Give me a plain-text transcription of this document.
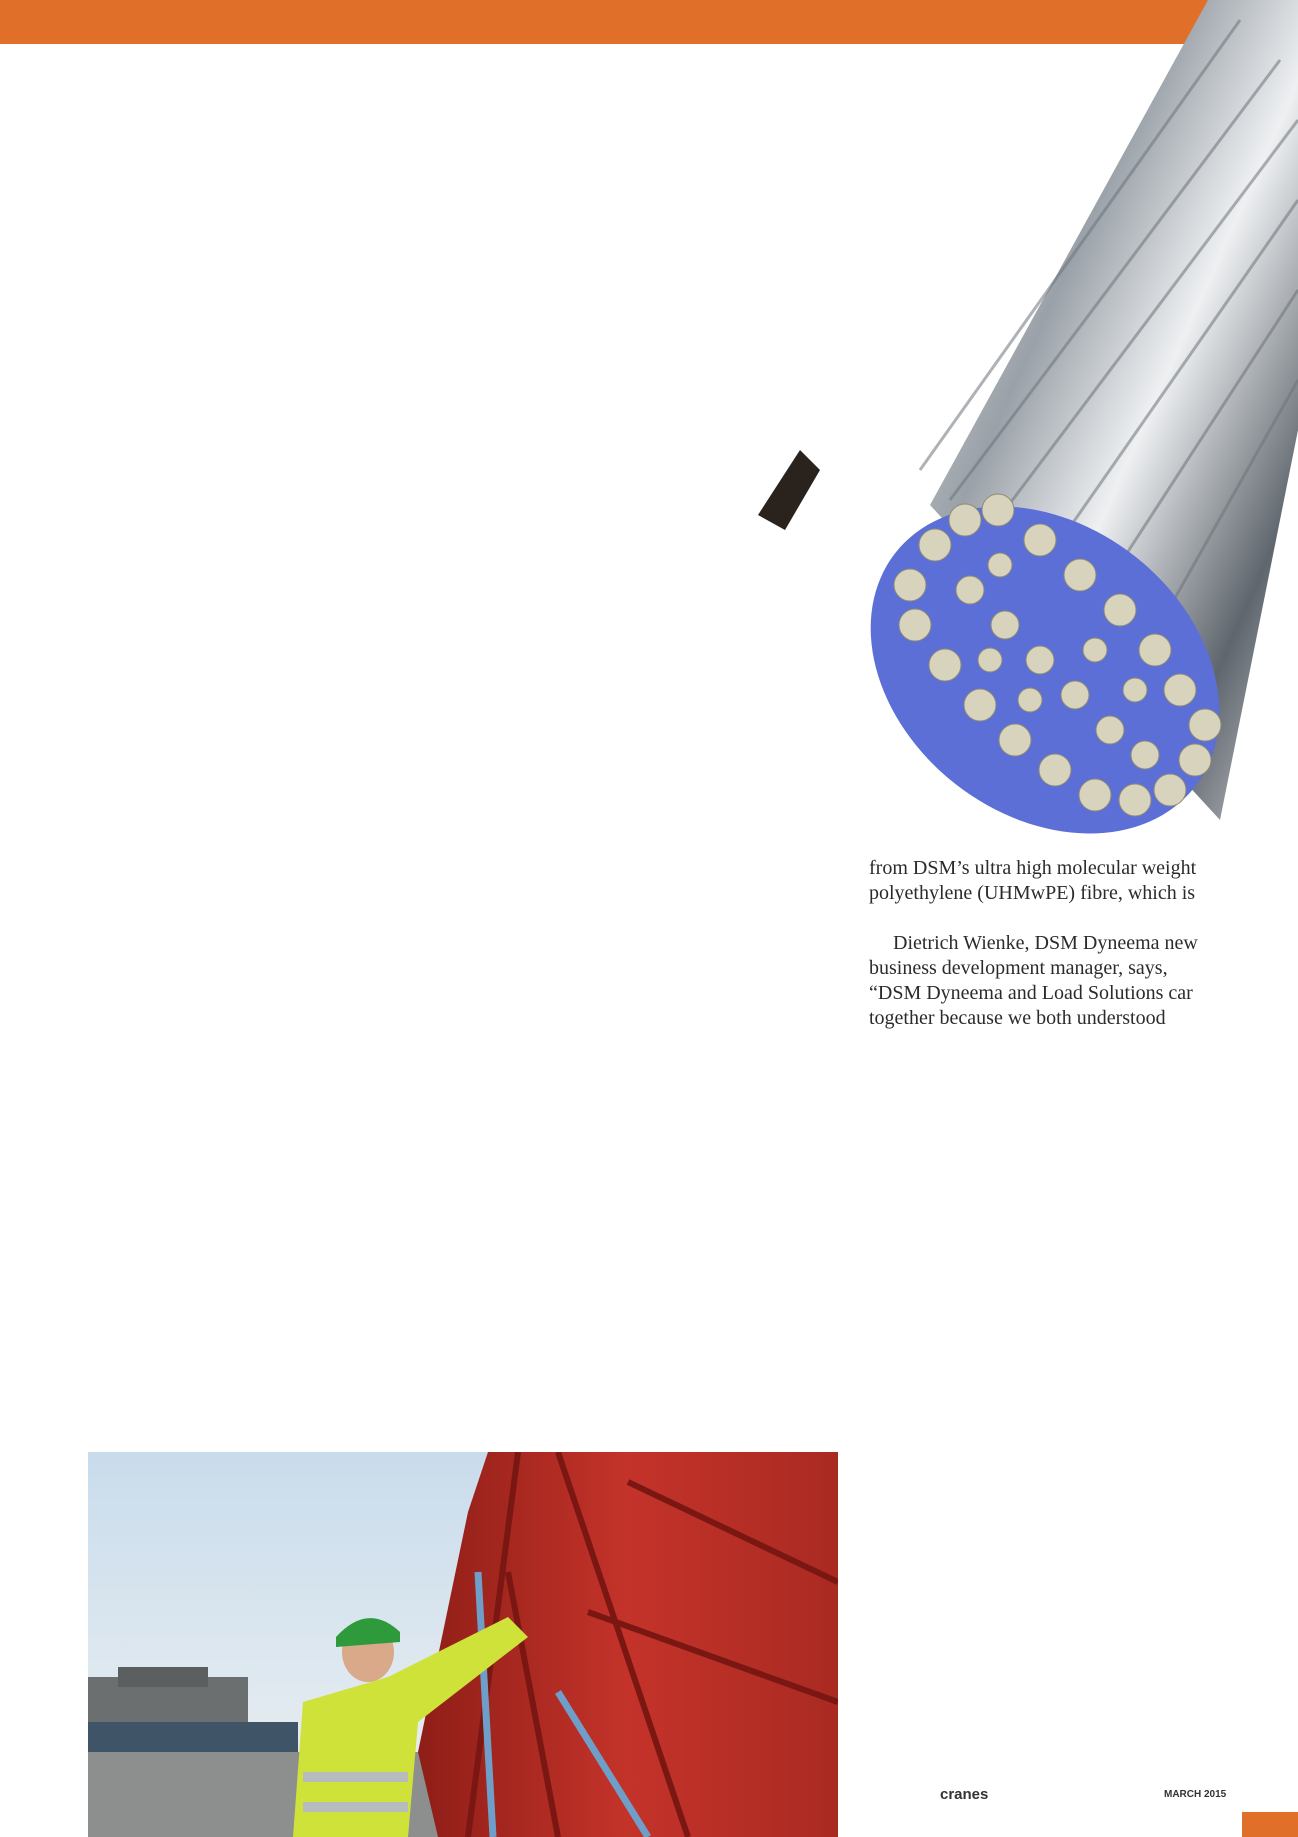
from DSM’s ultra high molecular weight
polyethylene (UHMwPE) fibre, which is

Dietrich Wienke, DSM Dyneema new
business development manager, says,
“DSM Dyneema and Load Solutions car
together because we both understood

cranes	MARCH 2015
